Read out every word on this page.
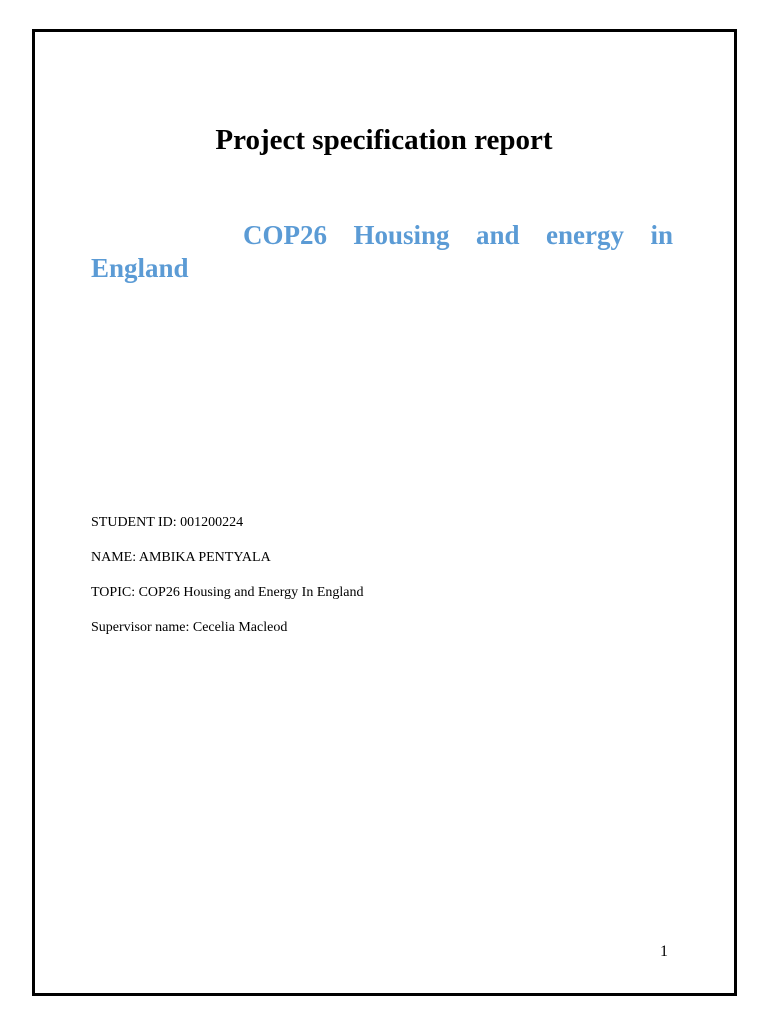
Project specification report
COP26 Housing and energy in
England

STUDENT ID: 001200224

NAME: AMBIKA PENTYALA

TOPIC: COP26 Housing and Energy In England

Supervisor name: Cecelia Macleod

1
